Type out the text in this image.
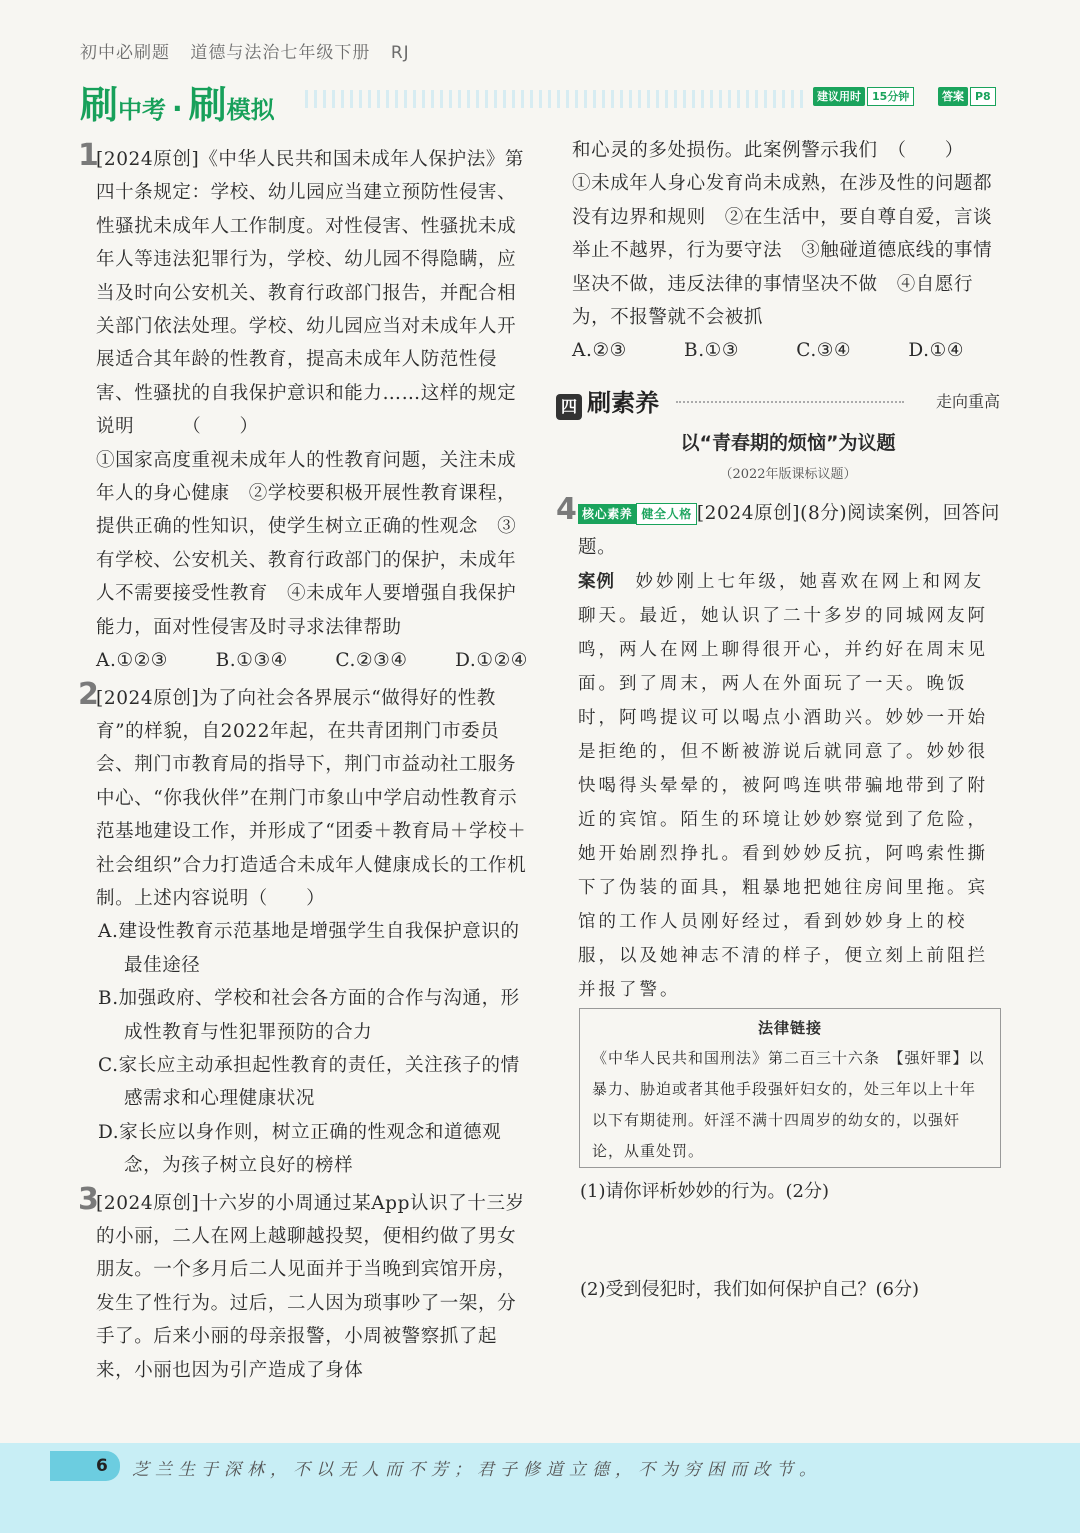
初中必刷题 道德与法治七年级下册 RJ
刷中考 · 刷模拟	建议用时 15分钟	答案 P8
1

[2024原创]《中华人民共和国未成年人保护法》第四十条规定：学校、幼儿园应当建立预防性侵害、性骚扰未成年人工作制度。对性侵害、性骚扰未成年人等违法犯罪行为，学校、幼儿园不得隐瞒，应当及时向公安机关、教育行政部门报告，并配合相关部门依法处理。学校、幼儿园应当对未成年人开展适合其年龄的性教育，提高未成年人防范性侵害、性骚扰的自我保护意识和能力……这样的规定说明　　　（　　）

①国家高度重视未成年人的性教育问题，关注未成年人的身心健康　②学校要积极开展性教育课程，提供正确的性知识，使学生树立正确的性观念　③有学校、公安机关、教育行政部门的保护，未成年人不需要接受性教育　④未成年人要增强自我保护能力，面对性侵害及时寻求法律帮助

A.①②③	B.①③④	C.②③④	D.①②④
2

[2024原创]为了向社会各界展示“做得好的性教育”的样貌，自2022年起，在共青团荆门市委员会、荆门市教育局的指导下，荆门市益动社工服务中心、“你我伙伴”在荆门市象山中学启动性教育示范基地建设工作，并形成了“团委＋教育局＋学校＋社会组织”合力打造适合未成年人健康成长的工作机制。上述内容说明（　　）

A.建设性教育示范基地是增强学生自我保护意识的最佳途径

B.加强政府、学校和社会各方面的合作与沟通，形成性教育与性犯罪预防的合力

C.家长应主动承担起性教育的责任，关注孩子的情感需求和心理健康状况

D.家长应以身作则，树立正确的性观念和道德观念，为孩子树立良好的榜样

3

[2024原创]十六岁的小周通过某App认识了十三岁的小丽，二人在网上越聊越投契，便相约做了男女朋友。一个多月后二人见面并于当晚到宾馆开房，发生了性行为。过后，二人因为琐事吵了一架，分手了。后来小丽的母亲报警，小周被警察抓了起来，小丽也因为引产造成了身体

和心灵的多处损伤。此案例警示我们　（　　）

①未成年人身心发育尚未成熟，在涉及性的问题都没有边界和规则　②在生活中，要自尊自爱，言谈举止不越界，行为要守法　③触碰道德底线的事情坚决不做，违反法律的事情坚决不做　④自愿行为，不报警就不会被抓

A.②③	B.①③	C.③④	D.①④
四 刷素养	走向重高
以“青春期的烦恼”为议题
（2022年版课标议题）
4 核心素养 健全人格 [2024原创](8分)阅读案例，回答问题。
案例　 妙妙刚上七年级，她喜欢在网上和网友聊天。最近，她认识了二十多岁的同城网友阿鸣，两人在网上聊得很开心，并约好在周末见面。到了周末，两人在外面玩了一天。晚饭时，阿鸣提议可以喝点小酒助兴。妙妙一开始是拒绝的，但不断被游说后就同意了。妙妙很快喝得头晕晕的，被阿鸣连哄带骗地带到了附近的宾馆。陌生的环境让妙妙察觉到了危险，她开始剧烈挣扎。看到妙妙反抗，阿鸣索性撕下了伪装的面具，粗暴地把她往房间里拖。宾馆的工作人员刚好经过，看到妙妙身上的校服，以及她神志不清的样子，便立刻上前阻拦并报了警。
法律链接
《中华人民共和国刑法》第二百三十六条　【强奸罪】以暴力、胁迫或者其他手段强奸妇女的，处三年以上十年以下有期徒刑。奸淫不满十四周岁的幼女的，以强奸论，从重处罚。
(1)请你评析妙妙的行为。(2分)
(2)受到侵犯时，我们如何保护自己？(6分)
6	芝兰生于深林，不以无人而不芳；君子修道立德，不为穷困而改节。
